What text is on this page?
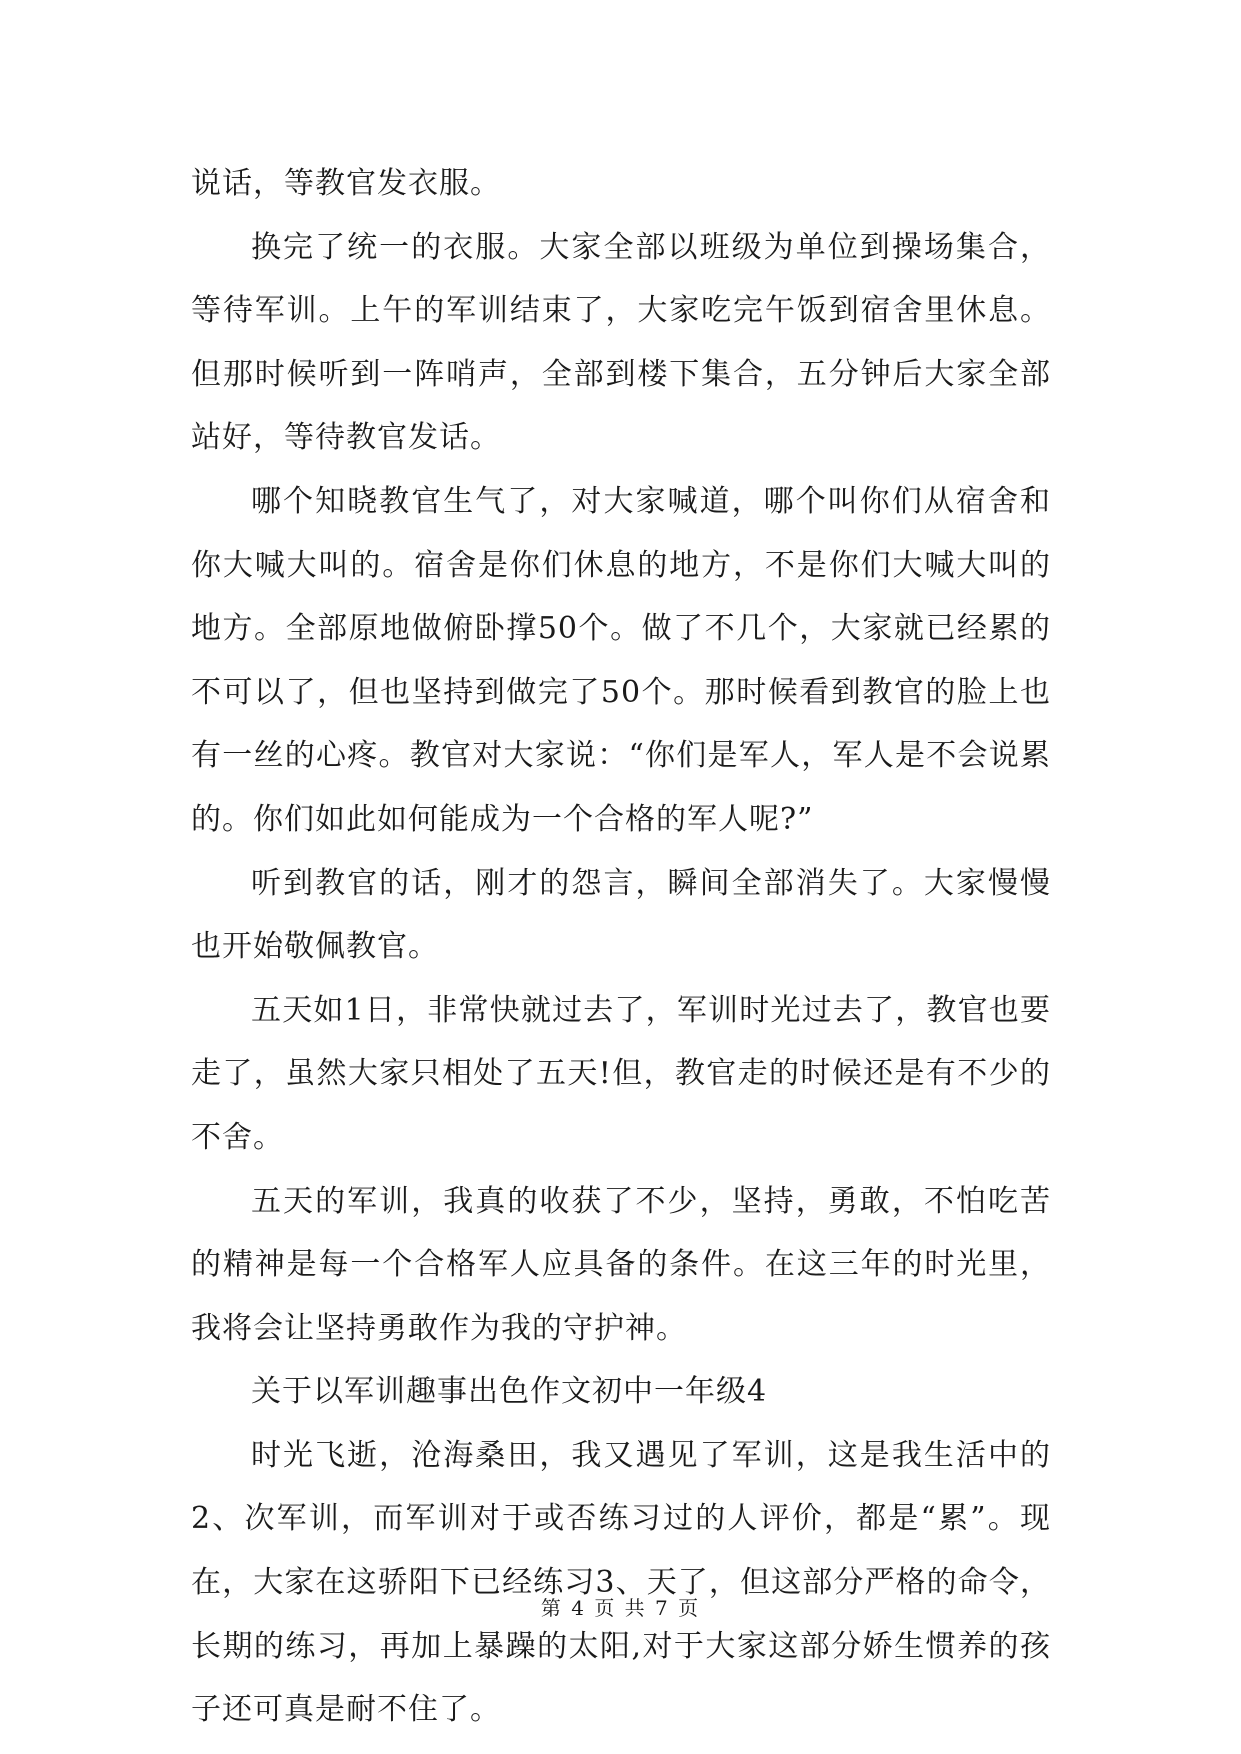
说话，等教官发衣服。

换完了统一的衣服。大家全部以班级为单位到操场集合，等待军训。上午的军训结束了，大家吃完午饭到宿舍里休息。但那时候听到一阵哨声，全部到楼下集合，五分钟后大家全部站好，等待教官发话。

哪个知晓教官生气了，对大家喊道，哪个叫你们从宿舍和你大喊大叫的。宿舍是你们休息的地方，不是你们大喊大叫的地方。全部原地做俯卧撑50个。做了不几个，大家就已经累的不可以了，但也坚持到做完了50个。那时候看到教官的脸上也有一丝的心疼。教官对大家说：“你们是军人，军人是不会说累的。你们如此如何能成为一个合格的军人呢?”

听到教官的话，刚才的怨言，瞬间全部消失了。大家慢慢也开始敬佩教官。

五天如1日，非常快就过去了，军训时光过去了，教官也要走了，虽然大家只相处了五天!但，教官走的时候还是有不少的不舍。

五天的军训，我真的收获了不少，坚持，勇敢，不怕吃苦的精神是每一个合格军人应具备的条件。在这三年的时光里，我将会让坚持勇敢作为我的守护神。

关于以军训趣事出色作文初中一年级4

时光飞逝，沧海桑田，我又遇见了军训，这是我生活中的2、次军训，而军训对于或否练习过的人评价，都是“累”。现在，大家在这骄阳下已经练习3、天了，但这部分严格的命令，长期的练习，再加上暴躁的太阳,对于大家这部分娇生惯养的孩子还可真是耐不住了。

第 4 页 共 7 页
